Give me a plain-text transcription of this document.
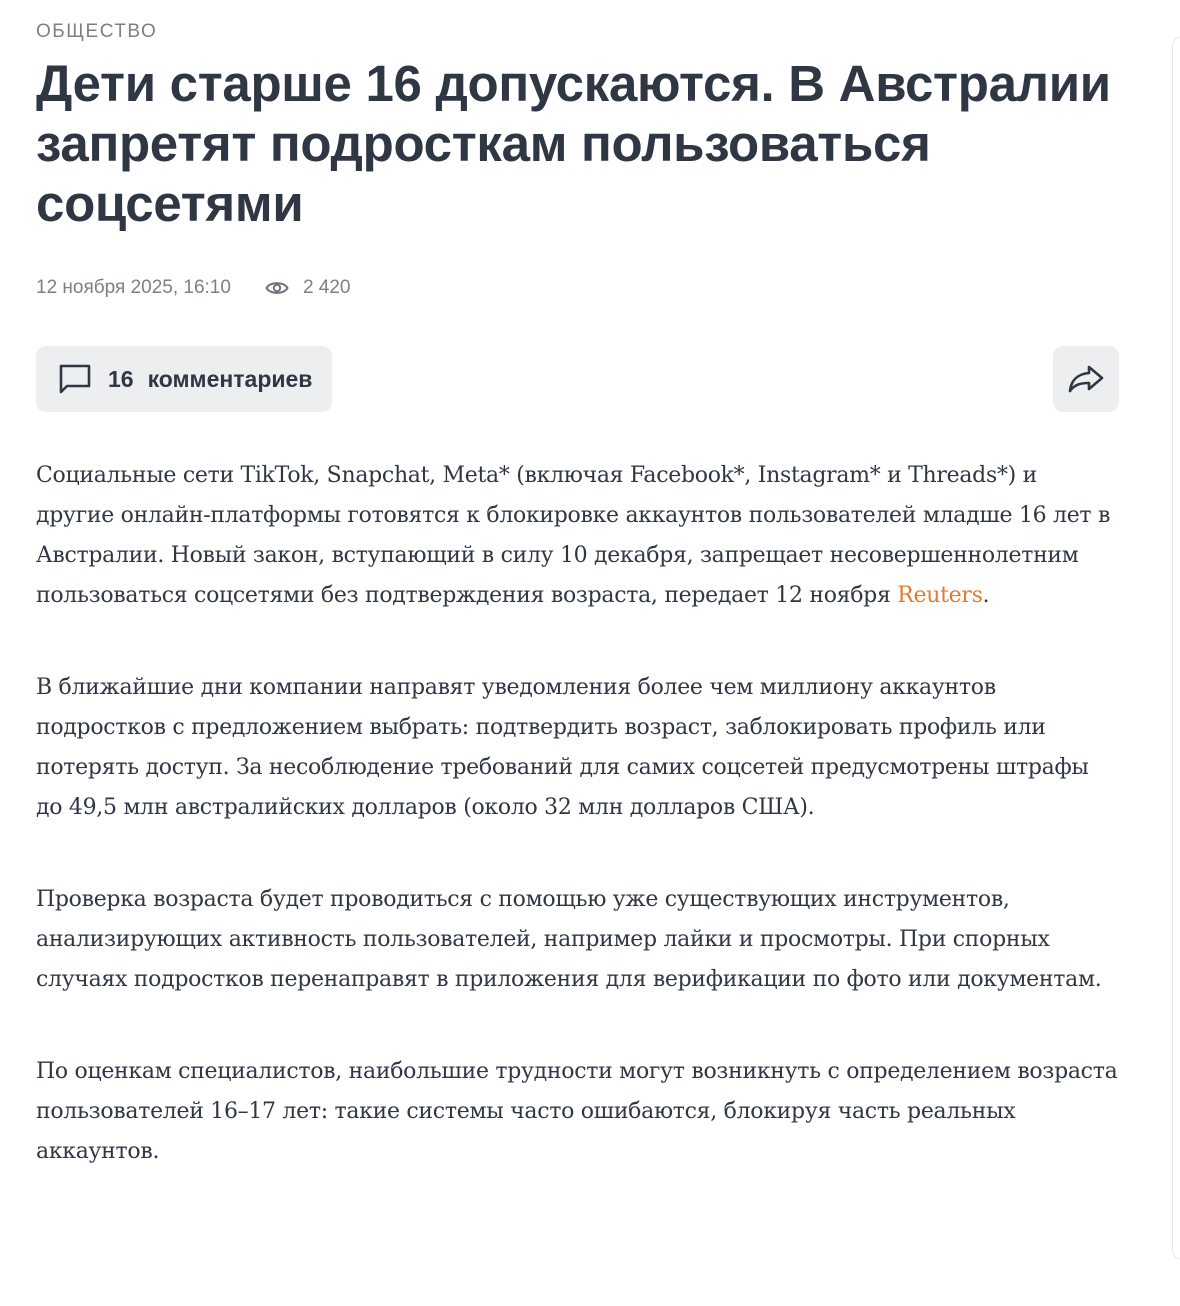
ОБЩЕСТВО
Дети старше 16 допускаются. В Австралии запретят подросткам пользоваться соцсетями
12 ноября 2025, 16:10	2 420
16 комментариев

Социальные сети TikTok, Snapchat, Meta* (включая Facebook*, Instagram* и Threads*) и другие онлайн-платформы готовятся к блокировке аккаунтов пользователей младше 16 лет в Австралии. Новый закон, вступающий в силу 10 декабря, запрещает несовершеннолетним пользоваться соцсетями без подтверждения возраста, передает 12 ноября Reuters.

В ближайшие дни компании направят уведомления более чем миллиону аккаунтов подростков с предложением выбрать: подтвердить возраст, заблокировать профиль или потерять доступ. За несоблюдение требований для самих соцсетей предусмотрены штрафы до 49,5 млн австралийских долларов (около 32 млн долларов США).

Проверка возраста будет проводиться с помощью уже существующих инструментов, анализирующих активность пользователей, например лайки и просмотры. При спорных случаях подростков перенаправят в приложения для верификации по фото или документам.

По оценкам специалистов, наибольшие трудности могут возникнуть с определением возраста пользователей 16–17 лет: такие системы часто ошибаются, блокируя часть реальных аккаунтов.
